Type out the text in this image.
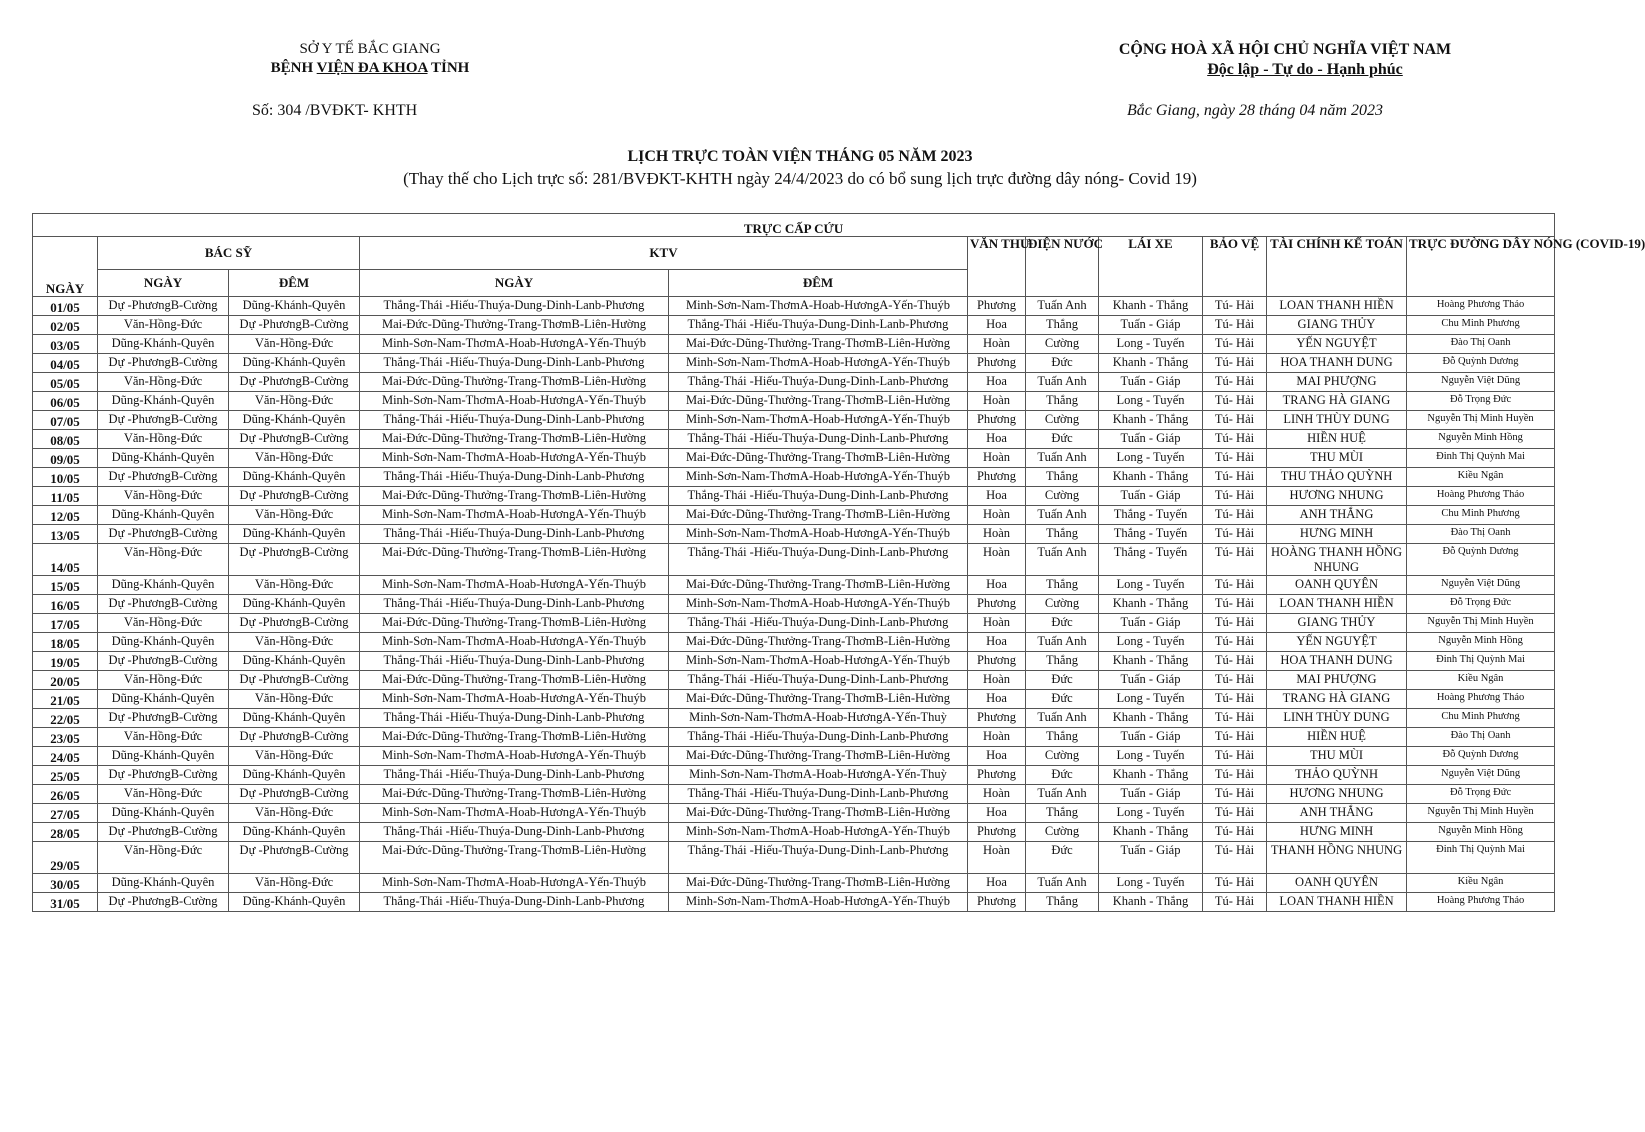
SỞ Y TẾ BẮC GIANG
BỆNH VIỆN ĐA KHOA TỈNH
Số: 304 /BVĐKT- KHTH
CỘNG HOÀ XÃ HỘI CHỦ NGHĨA VIỆT NAM
Độc lập - Tự do - Hạnh phúc
Bắc Giang, ngày 28 tháng 04 năm 2023
LỊCH TRỰC TOÀN VIỆN THÁNG 05 NĂM 2023
(Thay thế cho Lịch trực số: 281/BVĐKT-KHTH ngày 24/4/2023 do có bổ sung lịch trực đường dây nóng- Covid 19)
TRỰC CẤP CỨU										
NGÀY	BÁC SỸ		KTV		VĂN THƯ	ĐIỆN NƯỚC	LÁI XE	BẢO VỆ	TÀI CHÍNH KẾ TOÁN	TRỰC ĐƯỜNG DÂY NÓNG (COVID-19)
	NGÀY	ĐÊM	NGÀY	ĐÊM						
01/05	Dự -PhươngB-Cường	Dũng-Khánh-Quyên	Thắng-Thái -Hiếu-Thuýa-Dung-Dinh-Lanb-Phương	Minh-Sơn-Nam-ThơmA-Hoab-HươngA-Yến-Thuýb	Phương	Tuấn Anh	Khanh - Thắng	Tú- Hải	LOAN THANH HIỀN	Hoàng Phương Thảo
02/05	Văn-Hồng-Đức	Dự -PhươngB-Cường	Mai-Đức-Dũng-Thưởng-Trang-ThơmB-Liên-Hường	Thắng-Thái -Hiếu-Thuýa-Dung-Dinh-Lanb-Phương	Hoa	Thắng	Tuấn - Giáp	Tú- Hải	GIANG THỦY	Chu Minh Phương
03/05	Dũng-Khánh-Quyên	Văn-Hồng-Đức	Minh-Sơn-Nam-ThơmA-Hoab-HươngA-Yến-Thuýb	Mai-Đức-Dũng-Thưởng-Trang-ThơmB-Liên-Hường	Hoàn	Cường	Long - Tuyến	Tú- Hải	YẾN NGUYỆT	Đào Thị Oanh
04/05	Dự -PhươngB-Cường	Dũng-Khánh-Quyên	Thắng-Thái -Hiếu-Thuýa-Dung-Dinh-Lanb-Phương	Minh-Sơn-Nam-ThơmA-Hoab-HươngA-Yến-Thuýb	Phương	Đức	Khanh - Thắng	Tú- Hải	HOA THANH DUNG	Đỗ Quỳnh Dương
05/05	Văn-Hồng-Đức	Dự -PhươngB-Cường	Mai-Đức-Dũng-Thưởng-Trang-ThơmB-Liên-Hường	Thắng-Thái -Hiếu-Thuýa-Dung-Dinh-Lanb-Phương	Hoa	Tuấn Anh	Tuấn - Giáp	Tú- Hải	MAI PHƯỢNG	Nguyễn Việt Dũng
06/05	Dũng-Khánh-Quyên	Văn-Hồng-Đức	Minh-Sơn-Nam-ThơmA-Hoab-HươngA-Yến-Thuýb	Mai-Đức-Dũng-Thưởng-Trang-ThơmB-Liên-Hường	Hoàn	Thắng	Long - Tuyến	Tú- Hải	TRANG HÀ GIANG	Đỗ Trọng Đức
07/05	Dự -PhươngB-Cường	Dũng-Khánh-Quyên	Thắng-Thái -Hiếu-Thuýa-Dung-Dinh-Lanb-Phương	Minh-Sơn-Nam-ThơmA-Hoab-HươngA-Yến-Thuýb	Phương	Cường	Khanh - Thắng	Tú- Hải	LINH THÙY DUNG	Nguyễn Thị Minh Huyền
08/05	Văn-Hồng-Đức	Dự -PhươngB-Cường	Mai-Đức-Dũng-Thưởng-Trang-ThơmB-Liên-Hường	Thắng-Thái -Hiếu-Thuýa-Dung-Dinh-Lanb-Phương	Hoa	Đức	Tuấn - Giáp	Tú- Hải	HIỀN HUỆ	Nguyễn Minh Hồng
09/05	Dũng-Khánh-Quyên	Văn-Hồng-Đức	Minh-Sơn-Nam-ThơmA-Hoab-HươngA-Yến-Thuýb	Mai-Đức-Dũng-Thưởng-Trang-ThơmB-Liên-Hường	Hoàn	Tuấn Anh	Long - Tuyến	Tú- Hải	THU MÙI	Đinh Thị Quỳnh Mai
10/05	Dự -PhươngB-Cường	Dũng-Khánh-Quyên	Thắng-Thái -Hiếu-Thuýa-Dung-Dinh-Lanb-Phương	Minh-Sơn-Nam-ThơmA-Hoab-HươngA-Yến-Thuýb	Phương	Thắng	Khanh - Thắng	Tú- Hải	THU THẢO QUỲNH	Kiều Ngân
11/05	Văn-Hồng-Đức	Dự -PhươngB-Cường	Mai-Đức-Dũng-Thưởng-Trang-ThơmB-Liên-Hường	Thắng-Thái -Hiếu-Thuýa-Dung-Dinh-Lanb-Phương	Hoa	Cường	Tuấn - Giáp	Tú- Hải	HƯƠNG NHUNG	Hoàng Phương Thảo
12/05	Dũng-Khánh-Quyên	Văn-Hồng-Đức	Minh-Sơn-Nam-ThơmA-Hoab-HươngA-Yến-Thuýb	Mai-Đức-Dũng-Thưởng-Trang-ThơmB-Liên-Hường	Hoàn	Tuấn Anh	Thắng - Tuyến	Tú- Hải	ANH THẮNG	Chu Minh Phương
13/05	Dự -PhươngB-Cường	Dũng-Khánh-Quyên	Thắng-Thái -Hiếu-Thuýa-Dung-Dinh-Lanb-Phương	Minh-Sơn-Nam-ThơmA-Hoab-HươngA-Yến-Thuýb	Hoàn	Thắng	Thắng - Tuyến	Tú- Hải	HƯNG MINH	Đào Thị Oanh
14/05	Văn-Hồng-Đức	Dự -PhươngB-Cường	Mai-Đức-Dũng-Thưởng-Trang-ThơmB-Liên-Hường	Thắng-Thái -Hiếu-Thuýa-Dung-Dinh-Lanb-Phương	Hoàn	Tuấn Anh	Thắng - Tuyến	Tú- Hải	HOÀNG THANH HỒNG NHUNG	Đỗ Quỳnh Dương
15/05	Dũng-Khánh-Quyên	Văn-Hồng-Đức	Minh-Sơn-Nam-ThơmA-Hoab-HươngA-Yến-Thuýb	Mai-Đức-Dũng-Thưởng-Trang-ThơmB-Liên-Hường	Hoa	Thắng	Long - Tuyến	Tú- Hải	OANH QUYÊN	Nguyễn Việt Dũng
16/05	Dự -PhươngB-Cường	Dũng-Khánh-Quyên	Thắng-Thái -Hiếu-Thuýa-Dung-Dinh-Lanb-Phương	Minh-Sơn-Nam-ThơmA-Hoab-HươngA-Yến-Thuýb	Phương	Cường	Khanh - Thắng	Tú- Hải	LOAN THANH HIỀN	Đỗ Trọng Đức
17/05	Văn-Hồng-Đức	Dự -PhươngB-Cường	Mai-Đức-Dũng-Thưởng-Trang-ThơmB-Liên-Hường	Thắng-Thái -Hiếu-Thuýa-Dung-Dinh-Lanb-Phương	Hoàn	Đức	Tuấn - Giáp	Tú- Hải	GIANG THỦY	Nguyễn Thị Minh Huyền
18/05	Dũng-Khánh-Quyên	Văn-Hồng-Đức	Minh-Sơn-Nam-ThơmA-Hoab-HươngA-Yến-Thuýb	Mai-Đức-Dũng-Thưởng-Trang-ThơmB-Liên-Hường	Hoa	Tuấn Anh	Long - Tuyến	Tú- Hải	YẾN NGUYỆT	Nguyễn Minh Hồng
19/05	Dự -PhươngB-Cường	Dũng-Khánh-Quyên	Thắng-Thái -Hiếu-Thuýa-Dung-Dinh-Lanb-Phương	Minh-Sơn-Nam-ThơmA-Hoab-HươngA-Yến-Thuýb	Phương	Thắng	Khanh - Thắng	Tú- Hải	HOA THANH DUNG	Đinh Thị Quỳnh Mai
20/05	Văn-Hồng-Đức	Dự -PhươngB-Cường	Mai-Đức-Dũng-Thưởng-Trang-ThơmB-Liên-Hường	Thắng-Thái -Hiếu-Thuýa-Dung-Dinh-Lanb-Phương	Hoàn	Đức	Tuấn - Giáp	Tú- Hải	MAI PHƯỢNG	Kiều Ngân
21/05	Dũng-Khánh-Quyên	Văn-Hồng-Đức	Minh-Sơn-Nam-ThơmA-Hoab-HươngA-Yến-Thuýb	Mai-Đức-Dũng-Thưởng-Trang-ThơmB-Liên-Hường	Hoa	Đức	Long - Tuyến	Tú- Hải	TRANG HÀ GIANG	Hoàng Phương Thảo
22/05	Dự -PhươngB-Cường	Dũng-Khánh-Quyên	Thắng-Thái -Hiếu-Thuýa-Dung-Dinh-Lanb-Phương	Minh-Sơn-Nam-ThơmA-Hoab-HươngA-Yến-Thuỳ	Phương	Tuấn Anh	Khanh - Thắng	Tú- Hải	LINH THÙY DUNG	Chu Minh Phương
23/05	Văn-Hồng-Đức	Dự -PhươngB-Cường	Mai-Đức-Dũng-Thưởng-Trang-ThơmB-Liên-Hường	Thắng-Thái -Hiếu-Thuýa-Dung-Dinh-Lanb-Phương	Hoàn	Thắng	Tuấn - Giáp	Tú- Hải	HIỀN HUỆ	Đào Thị Oanh
24/05	Dũng-Khánh-Quyên	Văn-Hồng-Đức	Minh-Sơn-Nam-ThơmA-Hoab-HươngA-Yến-Thuýb	Mai-Đức-Dũng-Thưởng-Trang-ThơmB-Liên-Hường	Hoa	Cường	Long - Tuyến	Tú- Hải	THU MÙI	Đỗ Quỳnh Dương
25/05	Dự -PhươngB-Cường	Dũng-Khánh-Quyên	Thắng-Thái -Hiếu-Thuýa-Dung-Dinh-Lanb-Phương	Minh-Sơn-Nam-ThơmA-Hoab-HươngA-Yến-Thuỳ	Phương	Đức	Khanh - Thắng	Tú- Hải	THẢO QUỲNH	Nguyễn Việt Dũng
26/05	Văn-Hồng-Đức	Dự -PhươngB-Cường	Mai-Đức-Dũng-Thưởng-Trang-ThơmB-Liên-Hường	Thắng-Thái -Hiếu-Thuýa-Dung-Dinh-Lanb-Phương	Hoàn	Tuấn Anh	Tuấn - Giáp	Tú- Hải	HƯƠNG NHUNG	Đỗ Trọng Đức
27/05	Dũng-Khánh-Quyên	Văn-Hồng-Đức	Minh-Sơn-Nam-ThơmA-Hoab-HươngA-Yến-Thuýb	Mai-Đức-Dũng-Thưởng-Trang-ThơmB-Liên-Hường	Hoa	Thắng	Long - Tuyến	Tú- Hải	ANH THẮNG	Nguyễn Thị Minh Huyền
28/05	Dự -PhươngB-Cường	Dũng-Khánh-Quyên	Thắng-Thái -Hiếu-Thuýa-Dung-Dinh-Lanb-Phương	Minh-Sơn-Nam-ThơmA-Hoab-HươngA-Yến-Thuýb	Phương	Cường	Khanh - Thắng	Tú- Hải	HƯNG MINH	Nguyễn Minh Hồng
29/05	Văn-Hồng-Đức	Dự -PhươngB-Cường	Mai-Đức-Dũng-Thưởng-Trang-ThơmB-Liên-Hường	Thắng-Thái -Hiếu-Thuýa-Dung-Dinh-Lanb-Phương	Hoàn	Đức	Tuấn - Giáp	Tú- Hải	THANH HỒNG NHUNG	Đinh Thị Quỳnh Mai
30/05	Dũng-Khánh-Quyên	Văn-Hồng-Đức	Minh-Sơn-Nam-ThơmA-Hoab-HươngA-Yến-Thuýb	Mai-Đức-Dũng-Thưởng-Trang-ThơmB-Liên-Hường	Hoa	Tuấn Anh	Long - Tuyến	Tú- Hải	OANH QUYÊN	Kiều Ngân
31/05	Dự -PhươngB-Cường	Dũng-Khánh-Quyên	Thắng-Thái -Hiếu-Thuýa-Dung-Dinh-Lanb-Phương	Minh-Sơn-Nam-ThơmA-Hoab-HươngA-Yến-Thuýb	Phương	Thắng	Khanh - Thắng	Tú- Hải	LOAN THANH HIỀN	Hoàng Phương Thảo
